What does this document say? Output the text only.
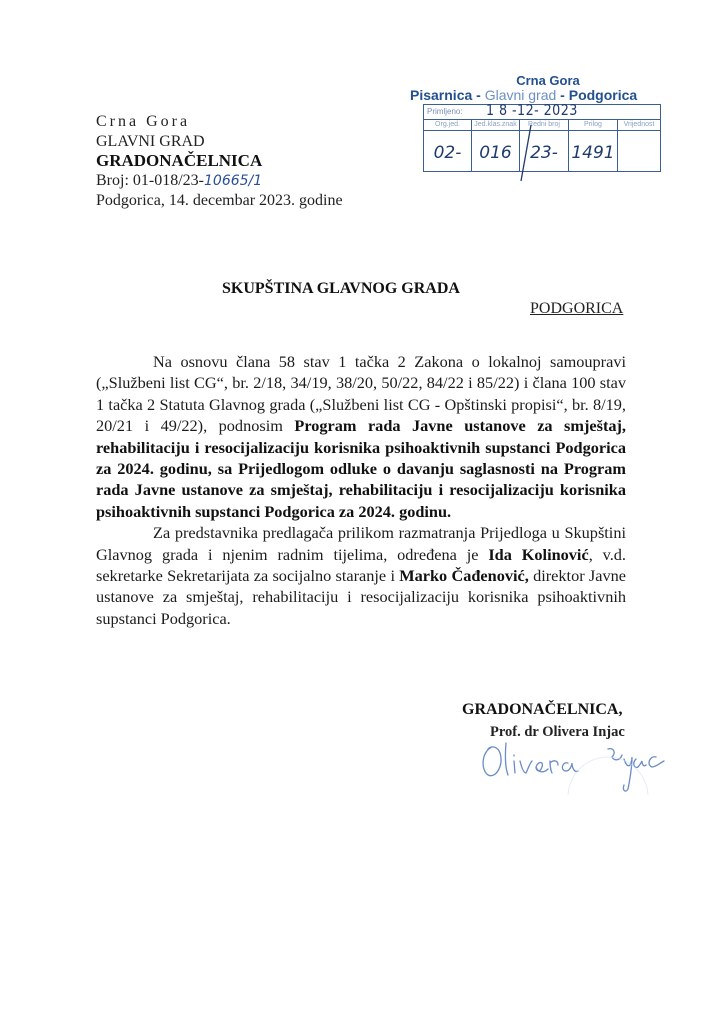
Crna Gora
GLAVNI GRAD
GRADONAČELNICA
Broj: 01-018/23-10665/1
Podgorica, 14. decembar 2023. godine
Crna Gora
Pisarnica - Glavni grad - Podgorica
Primljeno: 1 8 -12- 2023
Org.jed.
02-
Jed.klas.znak
016
Redni broj
23-
Prilog
1491
Vrijednost
SKUPŠTINA GLAVNOG GRADA
PODGORICA

Na osnovu člana 58 stav 1 tačka 2 Zakona o lokalnoj samoupravi („Službeni list CG“, br. 2/18, 34/19, 38/20, 50/22, 84/22 i 85/22) i člana 100 stav 1 tačka 2 Statuta Glavnog grada („Službeni list CG - Opštinski propisi“, br. 8/19, 20/21 i 49/22), podnosim Program rada Javne ustanove za smještaj, rehabilitaciju i resocijalizaciju korisnika psihoaktivnih supstanci Podgorica za 2024. godinu, sa Prijedlogom odluke o davanju saglasnosti na Program rada Javne ustanove za smještaj, rehabilitaciju i resocijalizaciju korisnika psihoaktivnih supstanci Podgorica za 2024. godinu.

Za predstavnika predlagača prilikom razmatranja Prijedloga u Skupštini Glavnog grada i njenim radnim tijelima, određena je Ida Kolinović, v.d. sekretarke Sekretarijata za socijalno staranje i Marko Čađenović, direktor Javne ustanove za smještaj, rehabilitaciju i resocijalizaciju korisnika psihoaktivnih supstanci Podgorica.

GRADONAČELNICA,
Prof. dr Olivera Injac
